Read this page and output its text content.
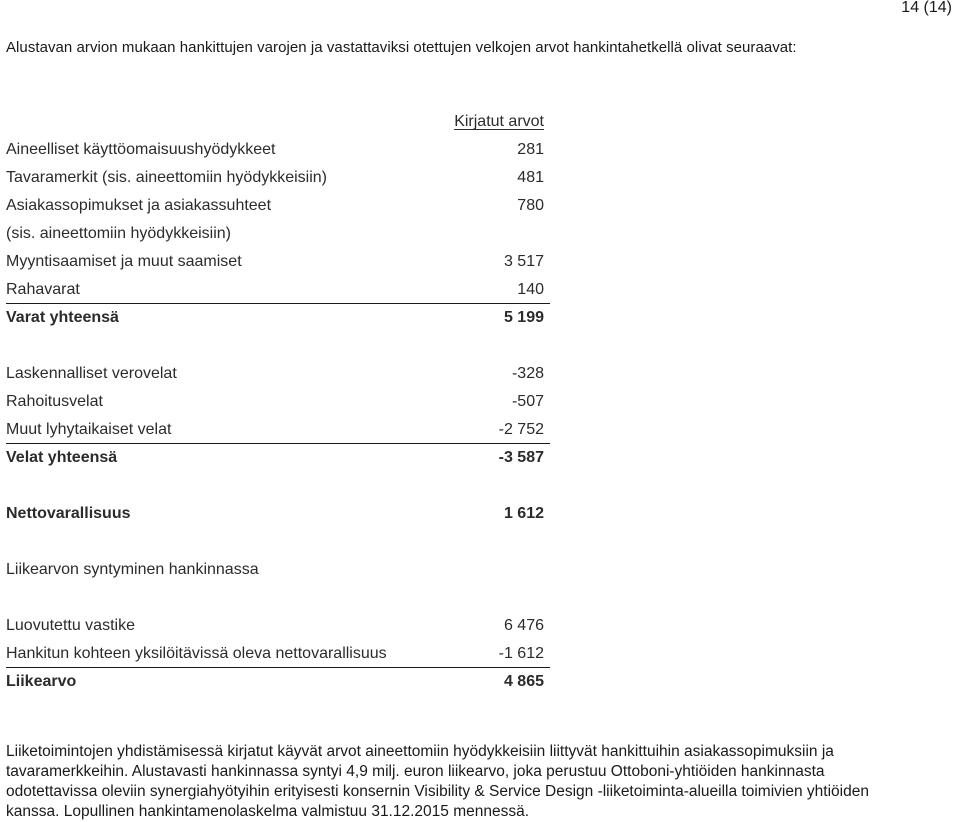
14 (14)
Alustavan arvion mukaan hankittujen varojen ja vastattaviksi otettujen velkojen arvot hankintahetkellä olivat seuraavat:
Kirjatut arvot
Aineelliset käyttöomaisuushyödykkeet	281
Tavaramerkit (sis. aineettomiin hyödykkeisiin)	481
Asiakassopimukset ja asiakassuhteet	780
(sis. aineettomiin hyödykkeisiin)
Myyntisaamiset ja muut saamiset	3 517
Rahavarat	140
Varat yhteensä	5 199
Laskennalliset verovelat	-328
Rahoitusvelat	-507
Muut lyhytaikaiset velat	-2 752
Velat yhteensä	-3 587
Nettovarallisuus	1 612
Liikearvon syntyminen hankinnassa
Luovutettu vastike	6 476
Hankitun kohteen yksilöitävissä oleva nettovarallisuus	-1 612
Liikearvo	4 865
Liiketoimintojen yhdistämisessä kirjatut käyvät arvot aineettomiin hyödykkeisiin liittyvät hankittuihin asiakassopimuksiin ja
tavaramerkkeihin. Alustavasti hankinnassa syntyi 4,9 milj. euron liikearvo, joka perustuu Ottoboni-yhtiöiden hankinnasta
odotettavissa oleviin synergiahyötyihin erityisesti konsernin Visibility & Service Design -liiketoiminta-alueilla toimivien yhtiöiden
kanssa. Lopullinen hankintamenolaskelma valmistuu 31.12.2015 mennessä.
